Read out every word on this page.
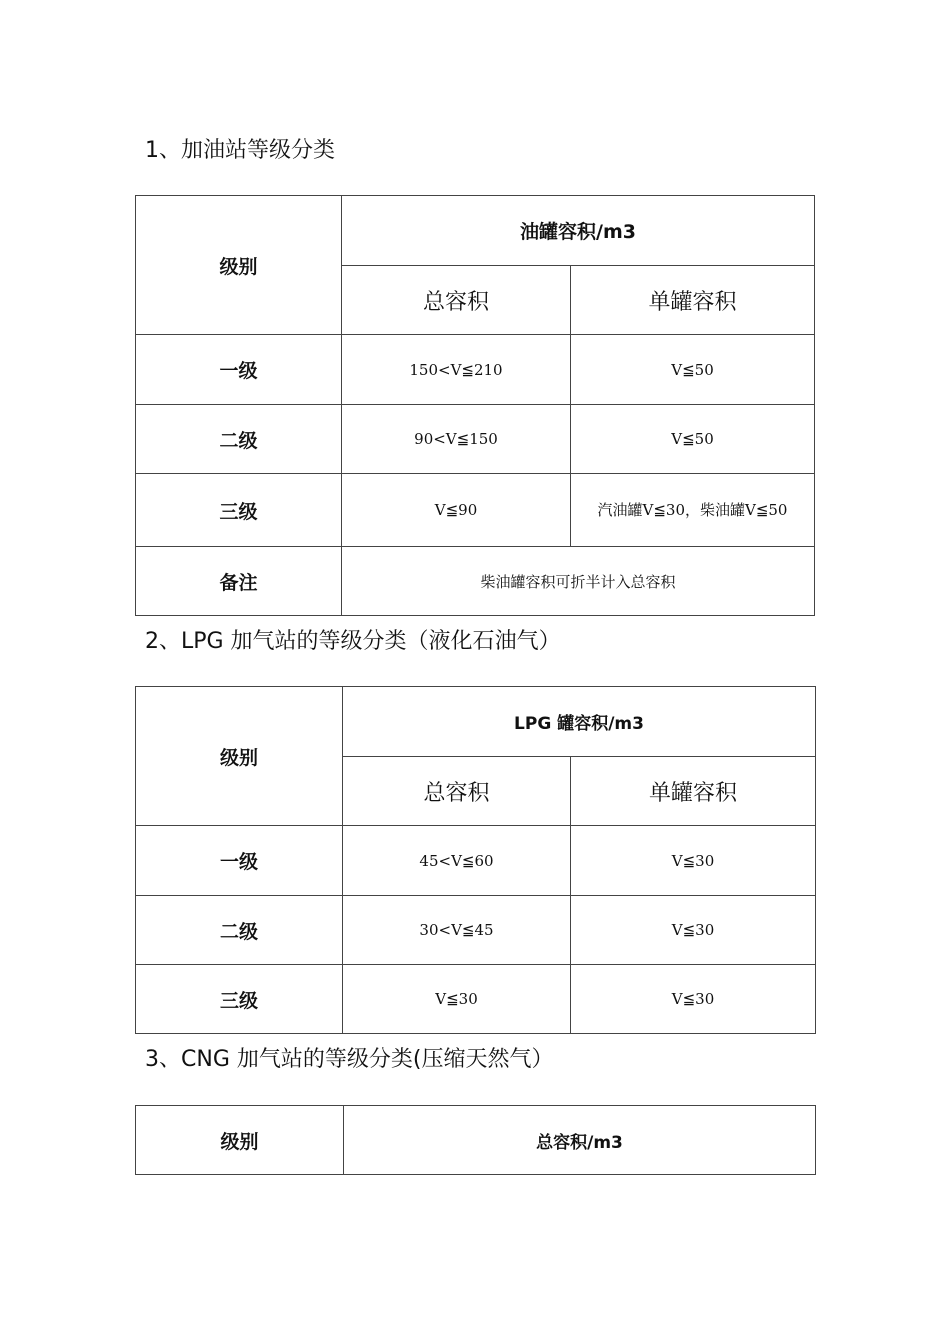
1、加油站等级分类
级别	油罐容积/m3	
	总容积	单罐容积
一级	150<V≦210	V≦50
二级	90<V≦150	V≦50
三级	V≦90	汽油罐V≦30，柴油罐V≦50
备注	柴油罐容积可折半计入总容积	
2、LPG 加气站的等级分类（液化石油气）
级别	LPG 罐容积/m3	
	总容积	单罐容积
一级	45<V≦60	V≦30
二级	30<V≦45	V≦30
三级	V≦30	V≦30
3、CNG 加气站的等级分类(压缩天然气）
级别	总容积/m3
